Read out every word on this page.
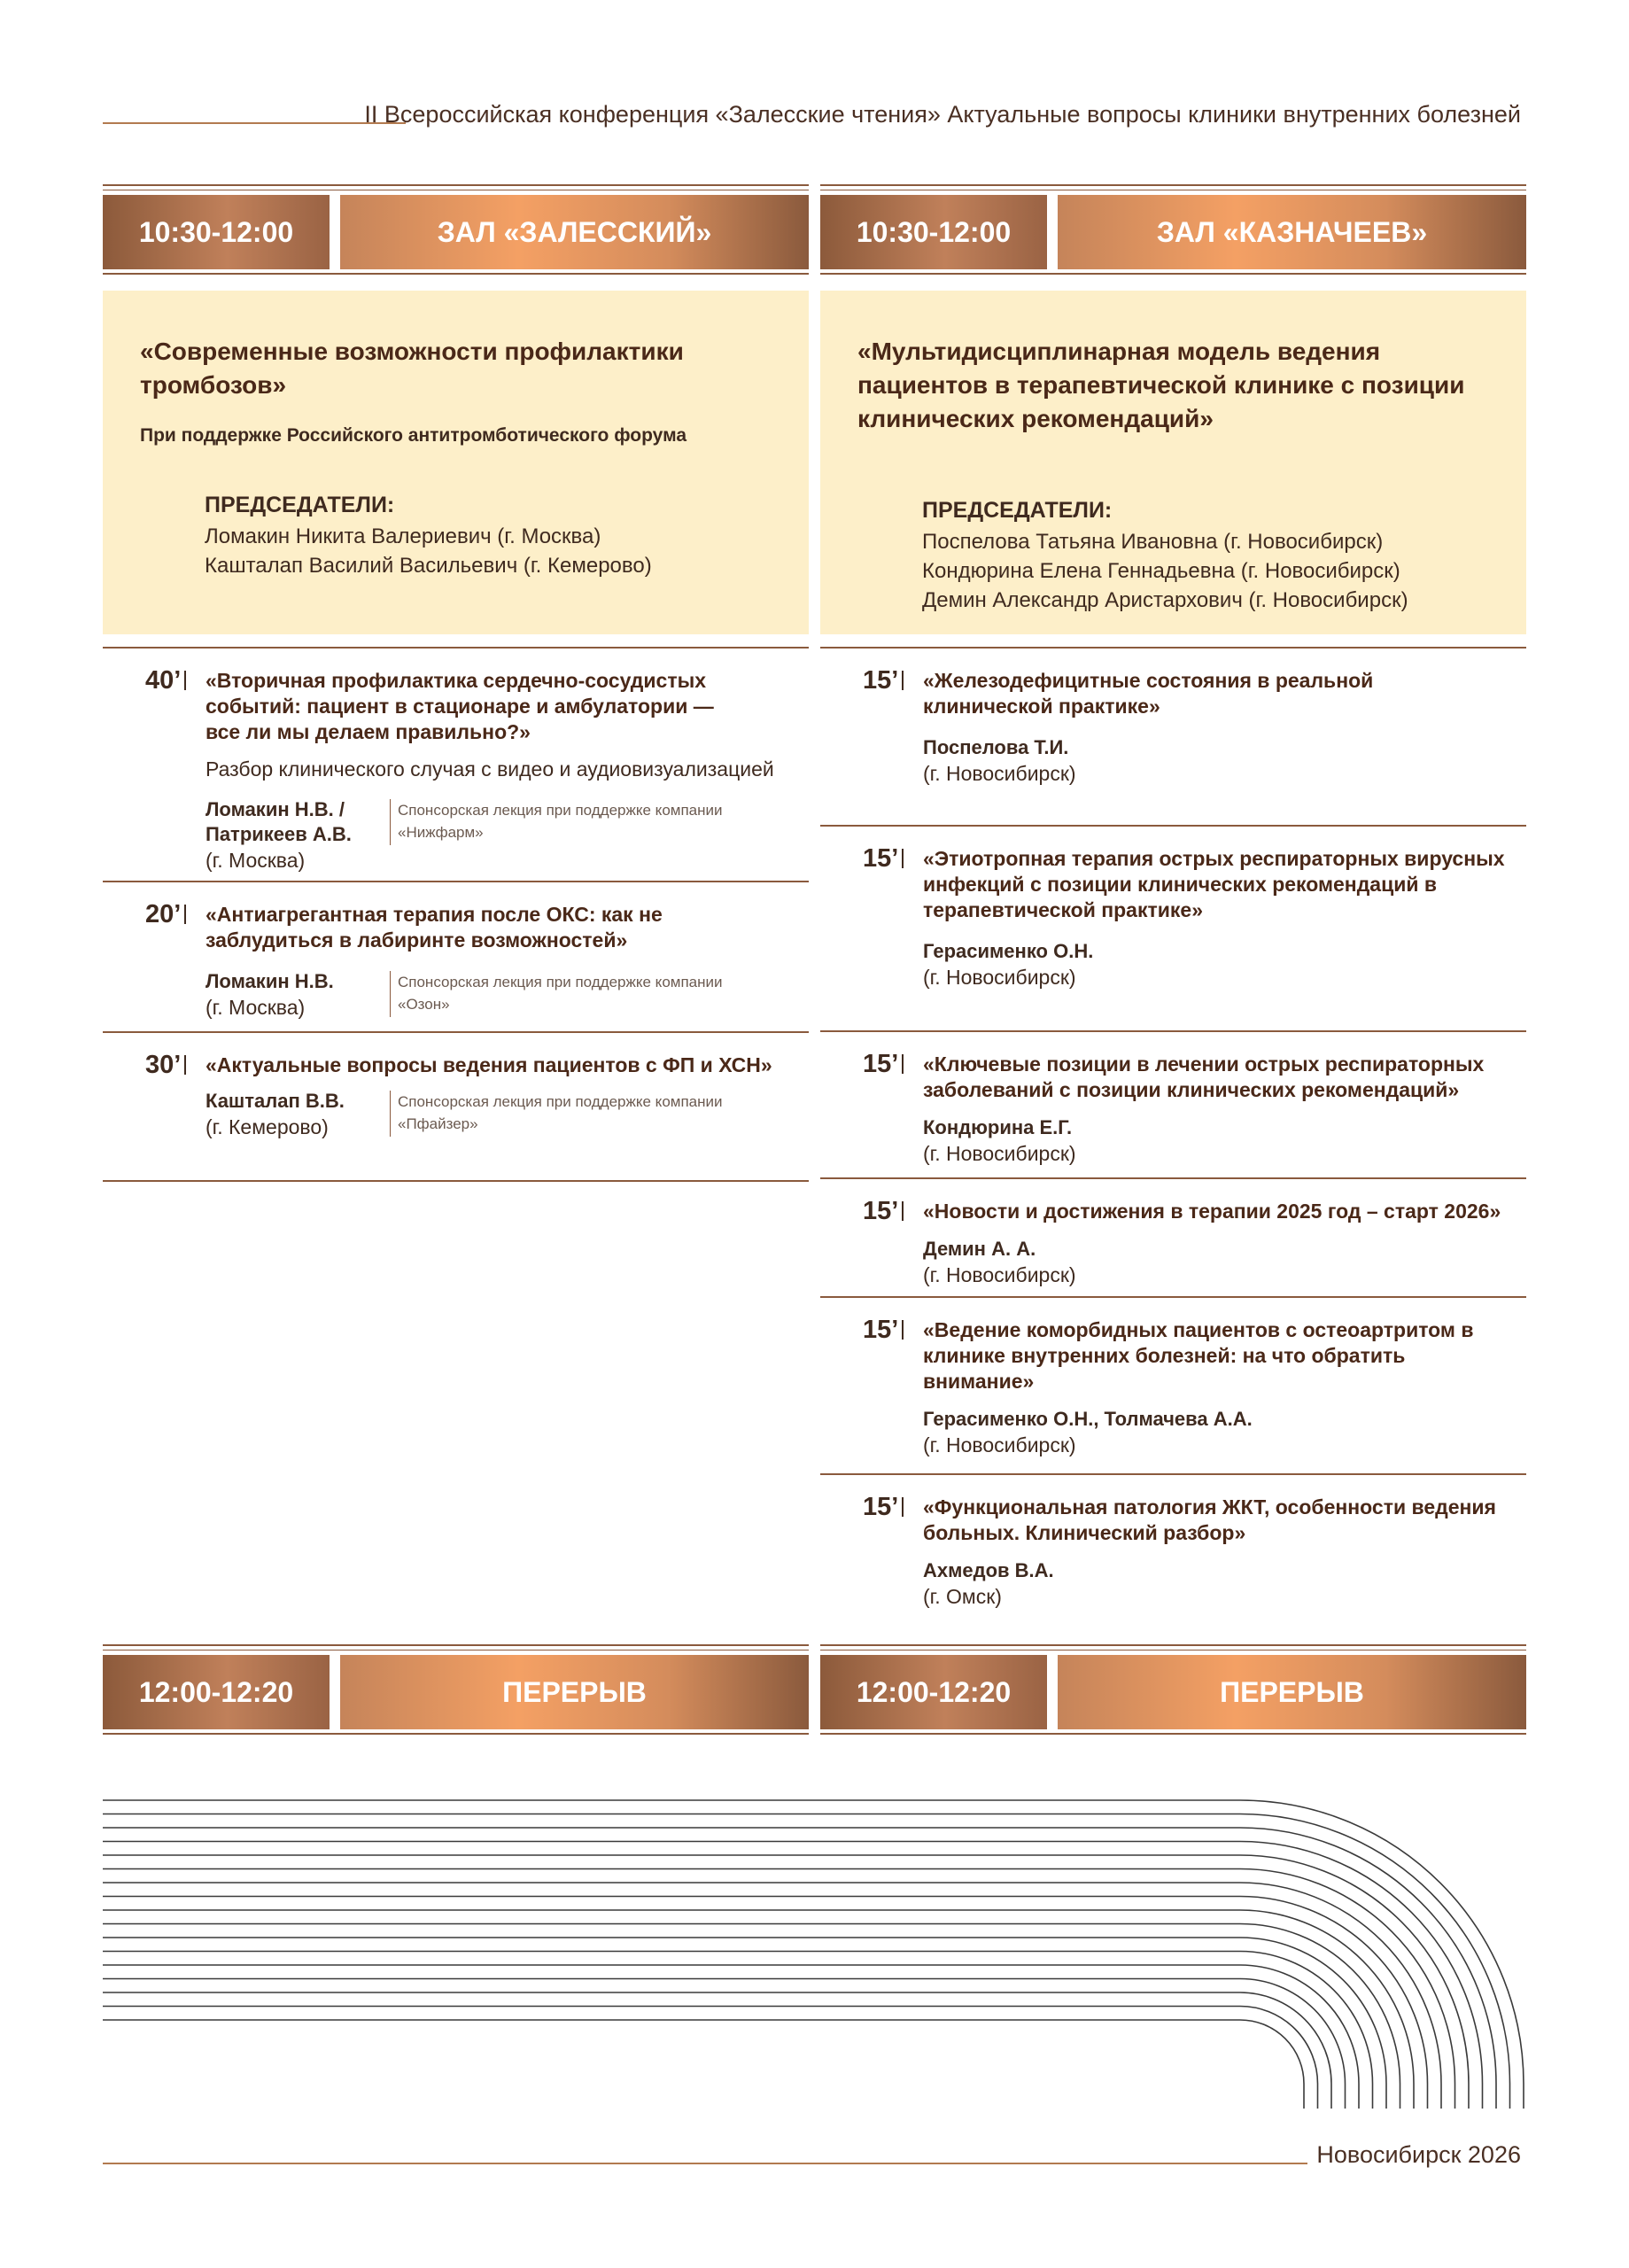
II Всероссийская конференция «Залесские чтения» Актуальные вопросы клиники внутренних болезней
10:30-12:00	ЗАЛ «ЗАЛЕССКИЙ»
«Современные возможности профилактики тромбозов»
При поддержке Российского антитромботического форума
ПРЕДСЕДАТЕЛИ:
Ломакин Никита Валериевич (г. Москва)
Кашталап Василий Васильевич (г. Кемерово)
40’ «Вторичная профилактика сердечно-сосудистых событий: пациент в стационаре и амбулатории — все ли мы делаем правильно?»
Разбор клинического случая с видео и аудиовизуализацией
Ломакин Н.В. / Патрикеев А.В.
(г. Москва)
Спонсорская лекция при поддержке компании «Нижфарм»
20’ «Антиагрегантная терапия после ОКС: как не заблудиться в лабиринте возможностей»
Ломакин Н.В.
(г. Москва)
Спонсорская лекция при поддержке компании «Озон»
30’ «Актуальные вопросы ведения пациентов с ФП и ХСН»
Кашталап В.В.
(г. Кемерово)
Спонсорская лекция при поддержке компании «Пфайзер»
10:30-12:00	ЗАЛ «КАЗНАЧЕЕВ»
«Мультидисциплинарная модель ведения пациентов в терапевтической клинике с позиции клинических рекомендаций»
ПРЕДСЕДАТЕЛИ:
Поспелова Татьяна Ивановна (г. Новосибирск)
Кондюрина Елена Геннадьевна (г. Новосибирск)
Демин Александр Аристархович (г. Новосибирск)
15’ «Железодефицитные состояния в реальной клинической практике»
Поспелова Т.И.
(г. Новосибирск)
15’ «Этиотропная терапия острых респираторных вирусных инфекций с позиции клинических рекомендаций в терапевтической практике»
Герасименко О.Н.
(г. Новосибирск)
15’ «Ключевые позиции в лечении острых респираторных заболеваний с позиции клинических рекомендаций»
Кондюрина Е.Г.
(г. Новосибирск)
15’ «Новости и достижения в терапии 2025 год – старт 2026»
Демин А. А.
(г. Новосибирск)
15’ «Ведение коморбидных пациентов с остеоартритом в клинике внутренних болезней: на что обратить внимание»
Герасименко О.Н., Толмачева А.А.
(г. Новосибирск)
15’ «Функциональная патология ЖКТ, особенности ведения больных. Клинический разбор»
Ахмедов В.А.
(г. Омск)
12:00-12:20	ПЕРЕРЫВ	12:00-12:20	ПЕРЕРЫВ
Новосибирск 2026
